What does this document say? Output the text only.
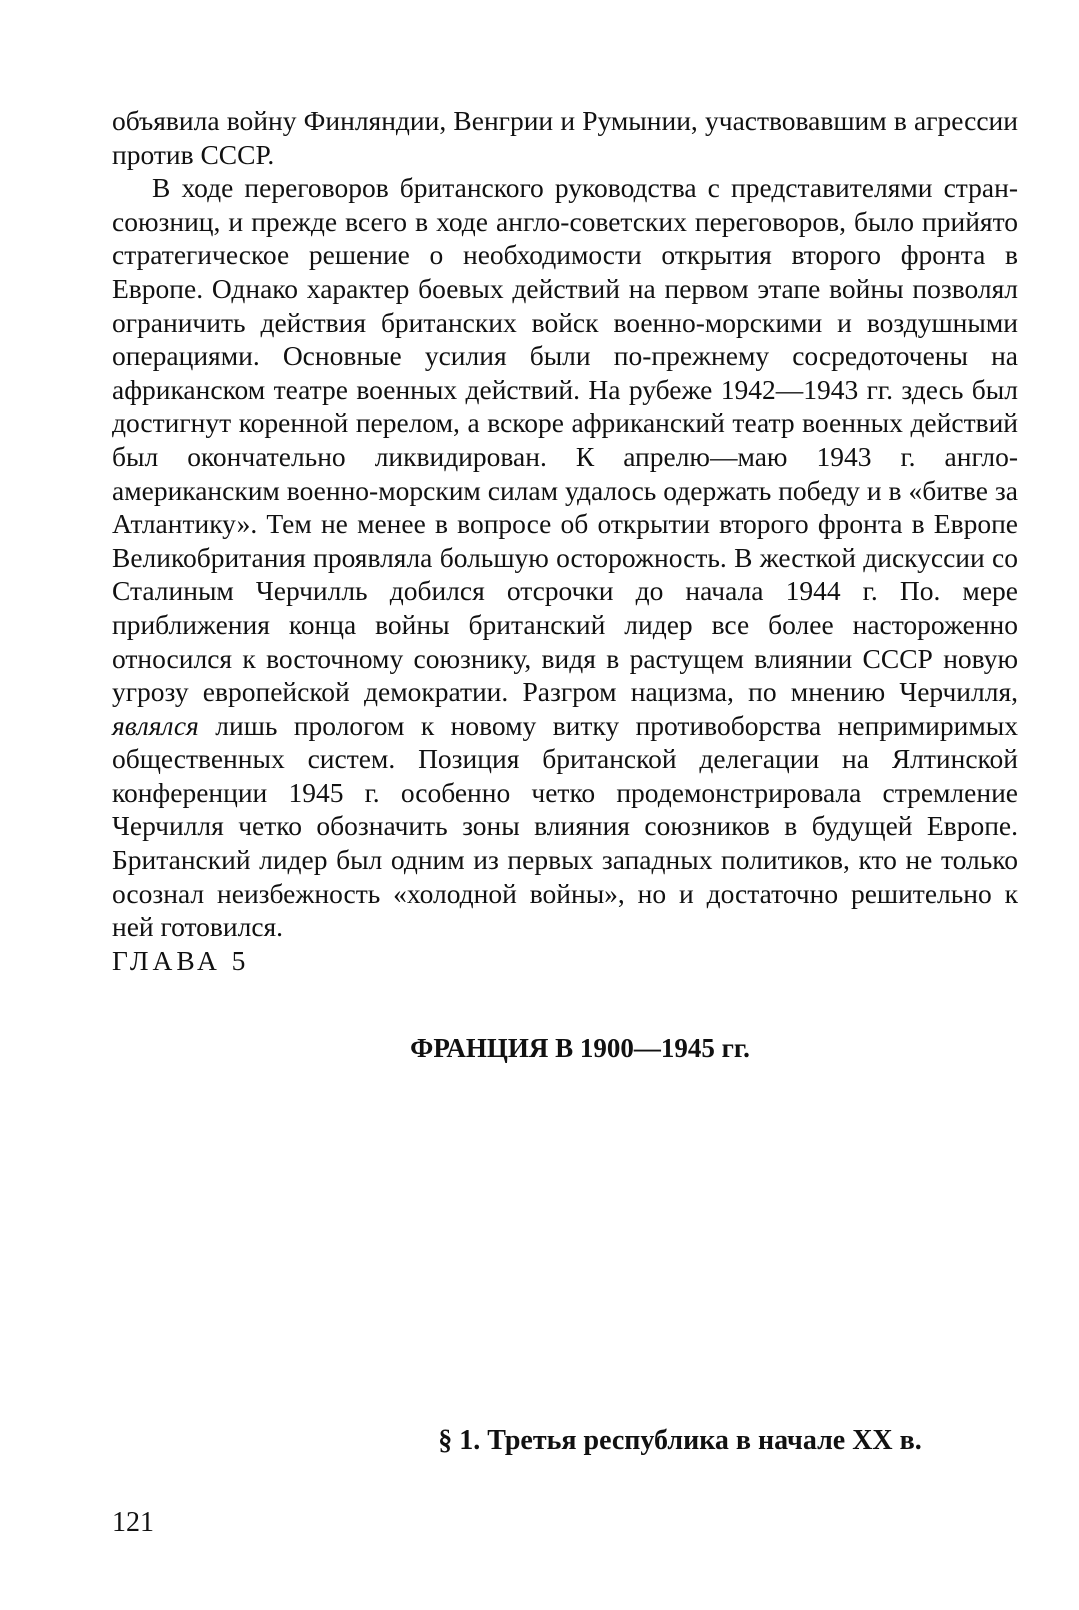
объявила войну Финляндии, Венгрии и Румынии, участвовавшим в агрессии против СССР.

В ходе переговоров британского руководства с представителями стран-союзниц, и прежде всего в ходе англо-советских переговоров, было прийято стратегическое решение о необходимости открытия второго фронта в Европе. Однако характер боевых действий на первом этапе войны позволял ограничить действия британских войск военно-морскими и воздушными операциями. Основные усилия были по-прежнему сосредоточены на африканском театре военных действий. На рубеже 1942—1943 гг. здесь был достигнут коренной перелом, а вскоре африканский театр военных действий был окончательно ликвидирован. К апрелю—маю 1943 г. англо-американским военно-морским силам удалось одержать победу и в «битве за Атлантику». Тем не менее в вопросе об открытии второго фронта в Европе Великобритания проявляла большую осторожность. В жесткой дискуссии со Сталиным Черчилль добился отсрочки до начала 1944 г. По. мере приближения конца войны британский лидер все более настороженно относился к восточному союзнику, видя в растущем влиянии СССР новую угрозу европейской демократии. Разгром нацизма, по мнению Черчилля, являлся лишь прологом к новому витку противоборства непримиримых общественных систем. Позиция британской делегации на Ялтинской конференции 1945 г. особенно четко продемонстрировала стремление Черчилля четко обозначить зоны влияния союзников в будущей Европе. Британский лидер был одним из первых западных политиков, кто не только осознал неизбежность «холодной войны», но и достаточно решительно к ней готовился.

ГЛАВА 5

ФРАНЦИЯ В 1900—1945 гг.
§ 1. Третья республика в начале XX в.
121
